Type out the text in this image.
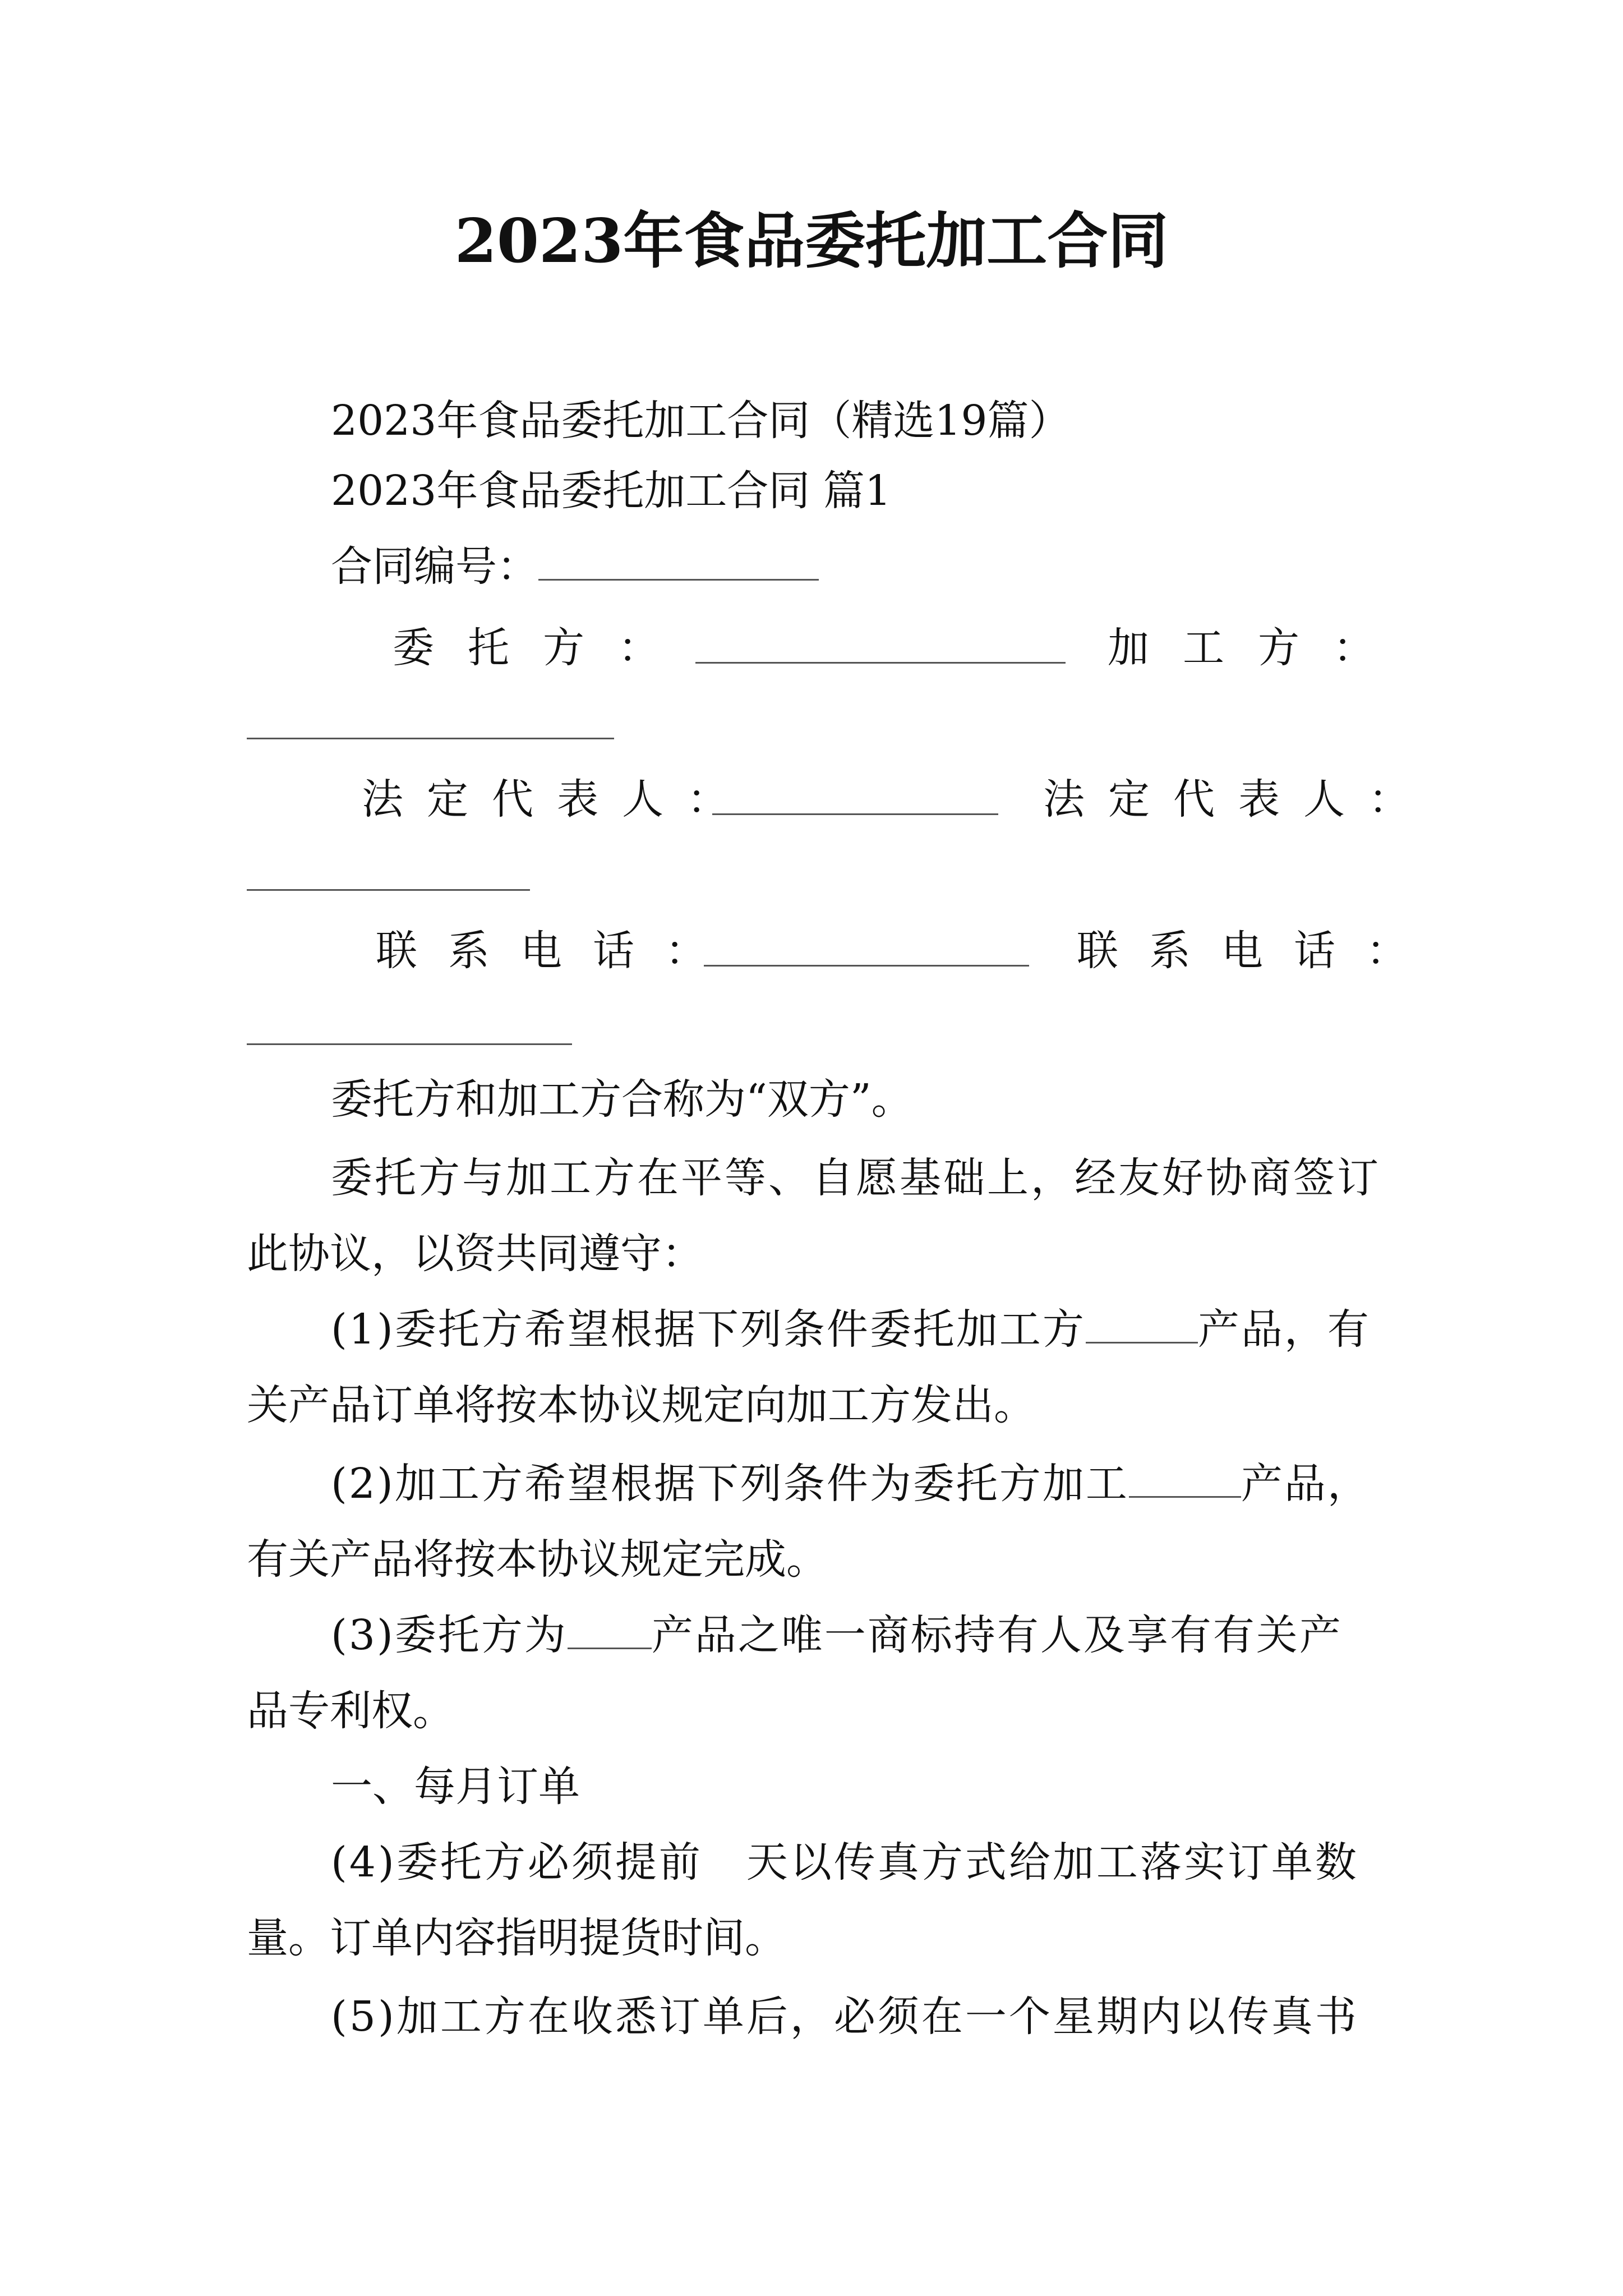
2023年食品委托加工合同
2023年食品委托加工合同（精选19篇）
2023年食品委托加工合同 篇1
合同编号：
委托方：	加工方：
法定代表人：	法定代表人：
联系电话：	联系电话：
委托方和加工方合称为“双方”。
委托方与加工方在平等、自愿基础上，经友好协商签订
此协议，以资共同遵守：
(1)委托方希望根据下列条件委托加工方	产品，有
关产品订单将按本协议规定向加工方发出。
(2)加工方希望根据下列条件为委托方加工	产品，
有关产品将按本协议规定完成。
(3)委托方为 产品之唯一商标持有人及享有有关产
品专利权。
一、每月订单
(4)委托方必须提前　天以传真方式给加工落实订单数
量。订单内容指明提货时间。
(5)加工方在收悉订单后，必须在一个星期内以传真书
